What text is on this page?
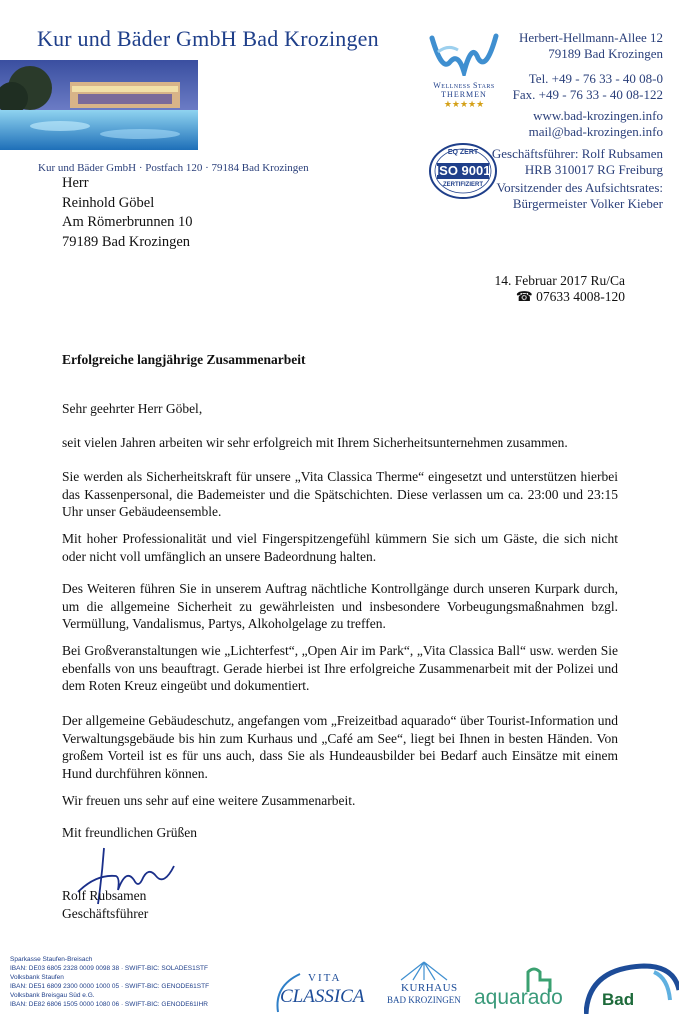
Kur und Bäder GmbH Bad Krozingen
Kur und Bäder GmbH · Postfach 120 · 79184 Bad Krozingen
Wellness Stars
THERMEN
★★★★★
EQ ZERT
ISO 9001
ZERTIFIZIERT
Herbert-Hellmann-Allee 12
79189 Bad Krozingen
Tel. +49 - 76 33 - 40 08-0
Fax. +49 - 76 33 - 40 08-122
www.bad-krozingen.info
mail@bad-krozingen.info
Geschäftsführer: Rolf Rubsamen
HRB 310017 RG Freiburg
Vorsitzender des Aufsichtsrates:
Bürgermeister Volker Kieber
Herr
Reinhold Göbel
Am Römerbrunnen 10
79189 Bad Krozingen
14. Februar 2017 Ru/Ca
☎ 07633 4008-120
Erfolgreiche langjährige Zusammenarbeit
Sehr geehrter Herr Göbel,
seit vielen Jahren arbeiten wir sehr erfolgreich mit Ihrem Sicherheitsunternehmen zusammen.
Sie werden als Sicherheitskraft für unsere „Vita Classica Therme“ eingesetzt und unterstützen hierbei das Kassenpersonal, die Bademeister und die Spätschichten. Diese verlassen um ca. 23:00 und 23:15 Uhr unser Gebäudeensemble.
Mit hoher Professionalität und viel Fingerspitzengefühl kümmern Sie sich um Gäste, die sich nicht oder nicht voll umfänglich an unsere Badeordnung halten.
Des Weiteren führen Sie in unserem Auftrag nächtliche Kontrollgänge durch unseren Kurpark durch, um die allgemeine Sicherheit zu gewährleisten und insbesondere Vorbeugungsmaßnahmen bzgl. Vermüllung, Vandalismus, Partys, Alkoholgelage zu treffen.
Bei Großveranstaltungen wie „Lichterfest“, „Open Air im Park“, „Vita Classica Ball“ usw. werden Sie ebenfalls von uns beauftragt. Gerade hierbei ist Ihre erfolgreiche Zusammenarbeit mit der Polizei und dem Roten Kreuz eingeübt und dokumentiert.
Der allgemeine Gebäudeschutz, angefangen vom „Freizeitbad aquarado“ über Tourist-Information und Verwaltungsgebäude bis hin zum Kurhaus und „Café am See“, liegt bei Ihnen in besten Händen. Von großem Vorteil ist es für uns auch, dass Sie als Hundeausbilder bei Bedarf auch Einsätze mit einem Hund durchführen können.
Wir freuen uns sehr auf eine weitere Zusammenarbeit.
Mit freundlichen Grüßen
Rolf Rubsamen
Geschäftsführer
Sparkasse Staufen-Breisach
IBAN: DE03 6805 2328 0009 0098 38 · SWIFT-BIC: SOLADES1STF
Volksbank Staufen
IBAN: DE51 6809 2300 0000 1000 05 · SWIFT-BIC: GENODE61STF
Volksbank Breisgau Süd e.G.
IBAN: DE82 6806 1505 0000 1080 06 · SWIFT-BIC: GENODE61IHR
VITA
CLASSICA	KURHAUS
BAD KROZINGEN aquarado Bad
